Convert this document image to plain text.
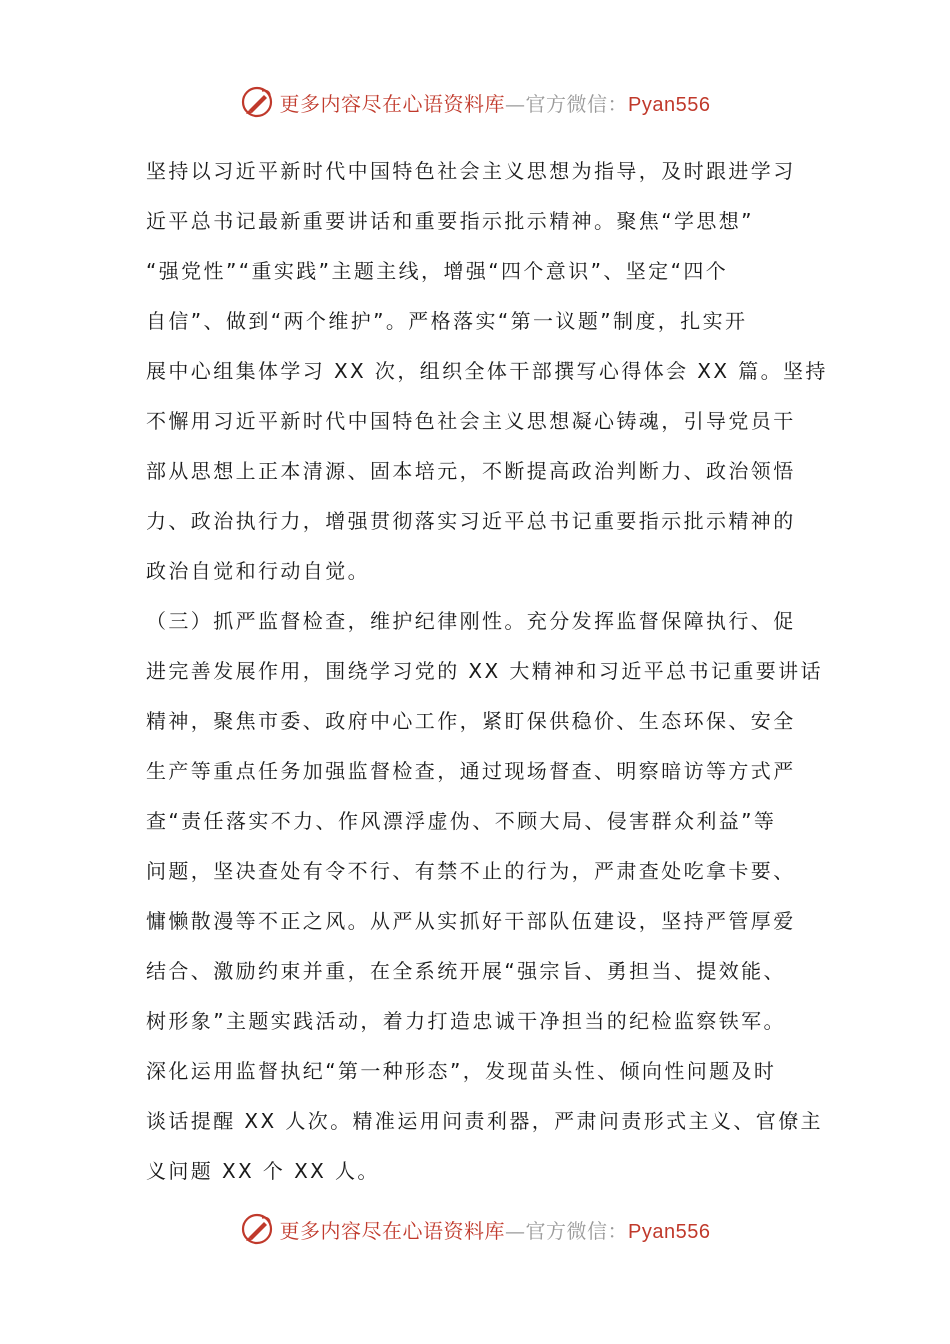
更多内容尽在心语资料库—官方微信：Pyan556
坚持以习近平新时代中国特色社会主义思想为指导，及时跟进学习
近平总书记最新重要讲话和重要指示批示精神。聚焦“学思想”
“强党性”“重实践”主题主线，增强“四个意识”、坚定“四个
自信”、做到“两个维护”。严格落实“第一议题”制度，扎实开
展中心组集体学习 XX 次，组织全体干部撰写心得体会 XX 篇。坚持
不懈用习近平新时代中国特色社会主义思想凝心铸魂，引导党员干
部从思想上正本清源、固本培元，不断提高政治判断力、政治领悟
力、政治执行力，增强贯彻落实习近平总书记重要指示批示精神的
政治自觉和行动自觉。
（三）抓严监督检查，维护纪律刚性。充分发挥监督保障执行、促
进完善发展作用，围绕学习党的 XX 大精神和习近平总书记重要讲话
精神，聚焦市委、政府中心工作，紧盯保供稳价、生态环保、安全
生产等重点任务加强监督检查，通过现场督查、明察暗访等方式严
查“责任落实不力、作风漂浮虚伪、不顾大局、侵害群众利益”等
问题，坚决查处有令不行、有禁不止的行为，严肃查处吃拿卡要、
慵懒散漫等不正之风。从严从实抓好干部队伍建设，坚持严管厚爱
结合、激励约束并重，在全系统开展“强宗旨、勇担当、提效能、
树形象”主题实践活动，着力打造忠诚干净担当的纪检监察铁军。
深化运用监督执纪“第一种形态”，发现苗头性、倾向性问题及时
谈话提醒 XX 人次。精准运用问责利器，严肃问责形式主义、官僚主
义问题 XX 个 XX 人。
更多内容尽在心语资料库—官方微信：Pyan556
